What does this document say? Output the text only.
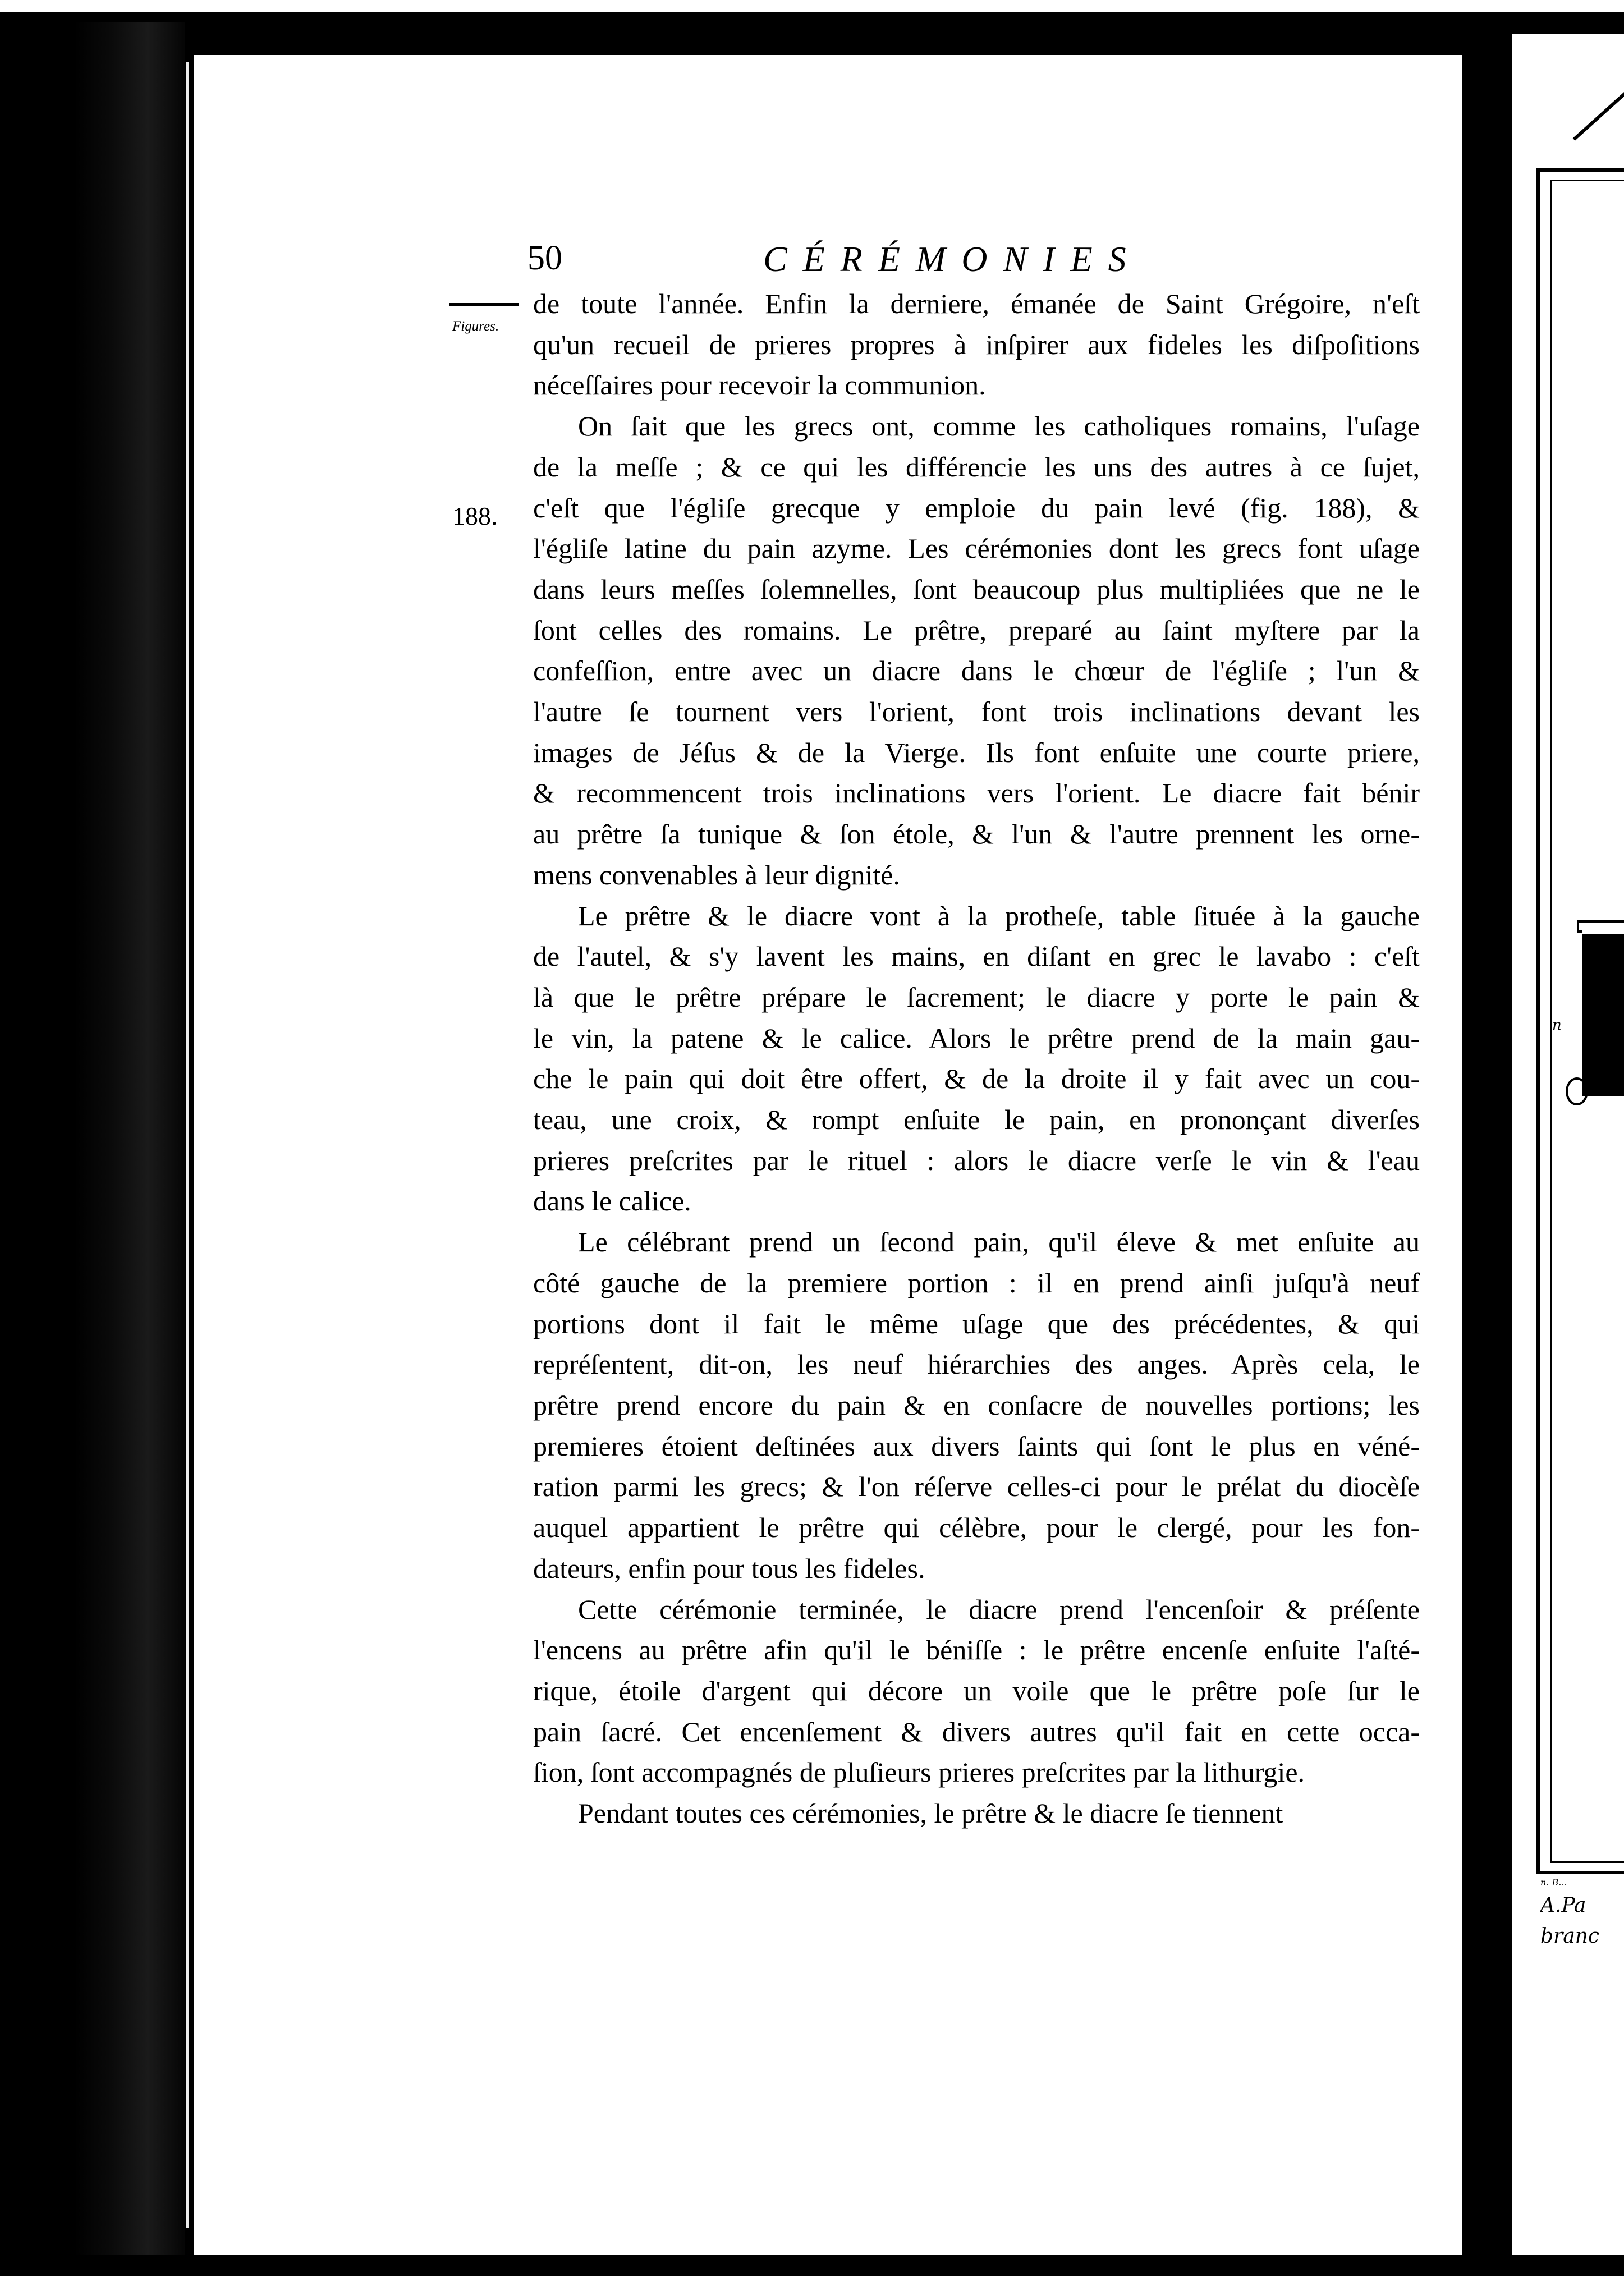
n
n. B...
A.Pa
branc
50	CÉRÉMONIES
Figures.
188.
de toute l'année. Enfin la derniere, émanée de Saint Grégoire, n'eſt
qu'un recueil de prieres propres à inſpirer aux fideles les diſpoſitions
néceſſaires pour recevoir la communion.
On ſait que les grecs ont, comme les catholiques romains, l'uſage
de la meſſe ; & ce qui les différencie les uns des autres à ce ſujet,
c'eſt que l'égliſe grecque y emploie du pain levé (fig. 188), &
l'égliſe latine du pain azyme. Les cérémonies dont les grecs font uſage
dans leurs meſſes ſolemnelles, ſont beaucoup plus multipliées que ne le
ſont celles des romains. Le prêtre, preparé au ſaint myſtere par la
confeſſion, entre avec un diacre dans le chœur de l'égliſe ; l'un &
l'autre ſe tournent vers l'orient, font trois inclinations devant les
images de Jéſus & de la Vierge. Ils font enſuite une courte priere,
& recommencent trois inclinations vers l'orient. Le diacre fait bénir
au prêtre ſa tunique & ſon étole, & l'un & l'autre prennent les orne-
mens convenables à leur dignité.
Le prêtre & le diacre vont à la protheſe, table ſituée à la gauche
de l'autel, & s'y lavent les mains, en diſant en grec le lavabo : c'eſt
là que le prêtre prépare le ſacrement; le diacre y porte le pain &
le vin, la patene & le calice. Alors le prêtre prend de la main gau-
che le pain qui doit être offert, & de la droite il y fait avec un cou-
teau, une croix, & rompt enſuite le pain, en prononçant diverſes
prieres preſcrites par le rituel : alors le diacre verſe le vin & l'eau
dans le calice.
Le célébrant prend un ſecond pain, qu'il éleve & met enſuite au
côté gauche de la premiere portion : il en prend ainſi juſqu'à neuf
portions dont il fait le même uſage que des précédentes, & qui
repréſentent, dit-on, les neuf hiérarchies des anges. Après cela, le
prêtre prend encore du pain & en conſacre de nouvelles portions; les
premieres étoient deſtinées aux divers ſaints qui ſont le plus en véné-
ration parmi les grecs; & l'on réſerve celles-ci pour le prélat du diocèſe
auquel appartient le prêtre qui célèbre, pour le clergé, pour les fon-
dateurs, enfin pour tous les fideles.
Cette cérémonie terminée, le diacre prend l'encenſoir & préſente
l'encens au prêtre afin qu'il le béniſſe : le prêtre encenſe enſuite l'aſté-
rique, étoile d'argent qui décore un voile que le prêtre poſe ſur le
pain ſacré. Cet encenſement & divers autres qu'il fait en cette occa-
ſion, ſont accompagnés de pluſieurs prieres preſcrites par la lithurgie.
Pendant toutes ces cérémonies, le prêtre & le diacre ſe tiennent
